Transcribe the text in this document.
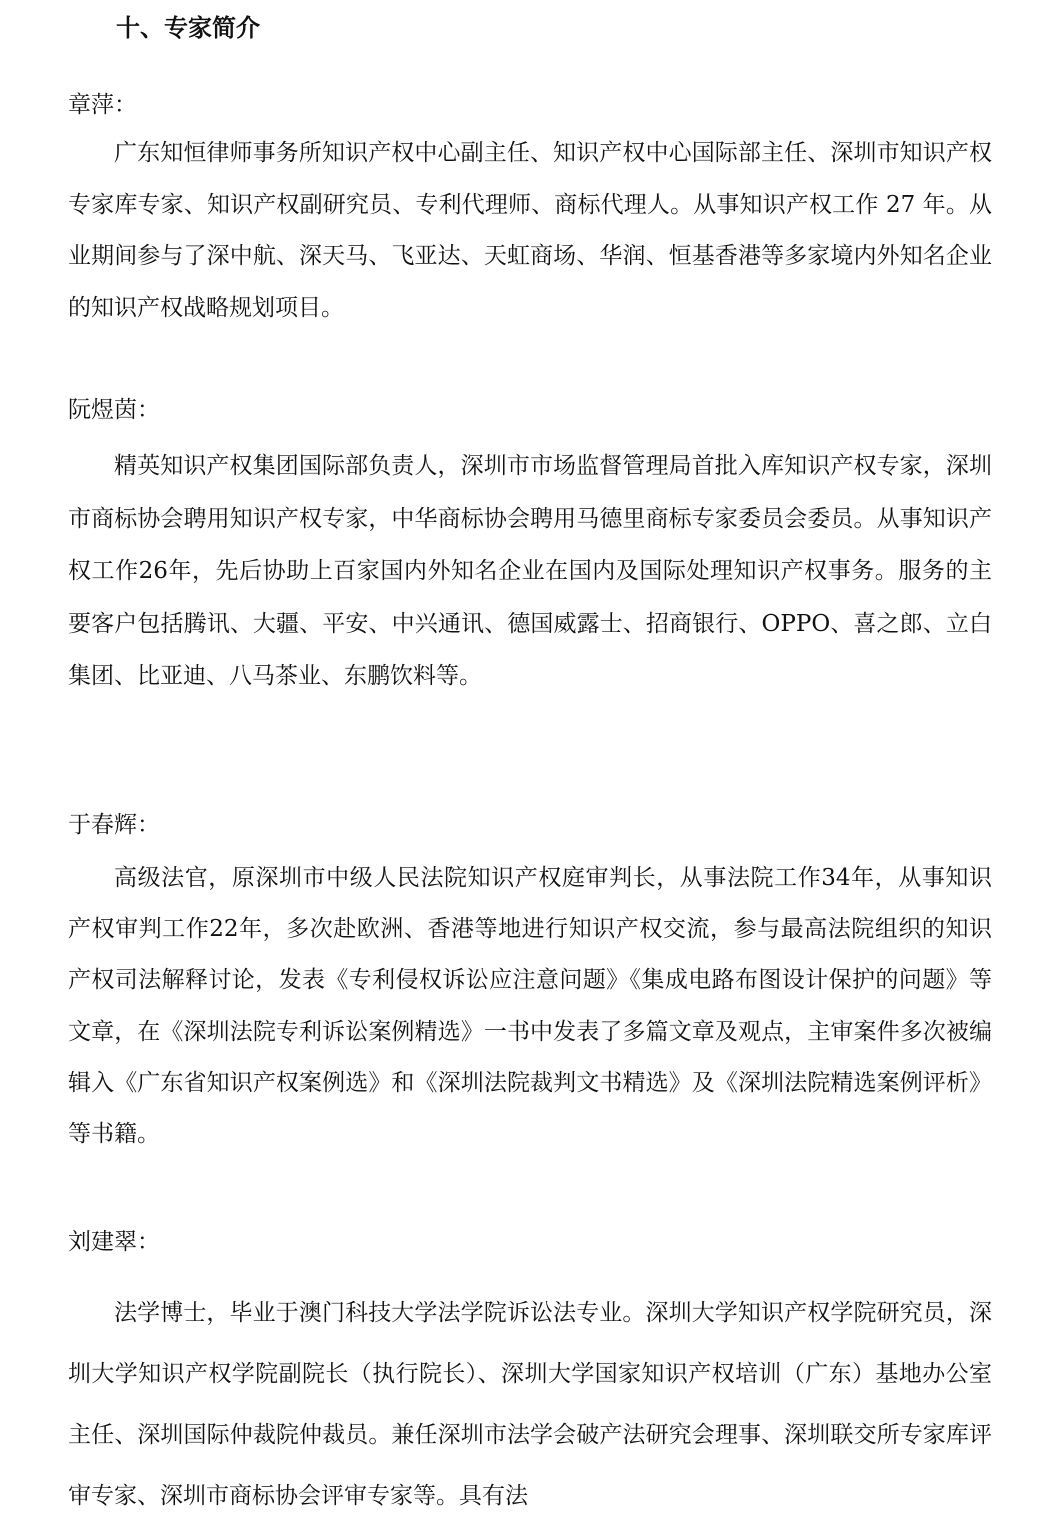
十、专家简介

章萍：

广东知恒律师事务所知识产权中心副主任、知识产权中心国际部主任、深圳市知识产权专家库专家、知识产权副研究员、专利代理师、商标代理人。从事知识产权工作 27 年。从业期间参与了深中航、深天马、飞亚达、天虹商场、华润、恒基香港等多家境内外知名企业的知识产权战略规划项目。

阮煜茵：

精英知识产权集团国际部负责人，深圳市市场监督管理局首批入库知识产权专家，深圳市商标协会聘用知识产权专家，中华商标协会聘用马德里商标专家委员会委员。从事知识产权工作26年，先后协助上百家国内外知名企业在国内及国际处理知识产权事务。服务的主要客户包括腾讯、大疆、平安、中兴通讯、德国威露士、招商银行、OPPO、喜之郎、立白集团、比亚迪、八马茶业、东鹏饮料等。

于春辉：

高级法官，原深圳市中级人民法院知识产权庭审判长，从事法院工作34年，从事知识产权审判工作22年，多次赴欧洲、香港等地进行知识产权交流，参与最高法院组织的知识产权司法解释讨论，发表《专利侵权诉讼应注意问题》《集成电路布图设计保护的问题》等文章，在《深圳法院专利诉讼案例精选》一书中发表了多篇文章及观点，主审案件多次被编辑入《广东省知识产权案例选》和《深圳法院裁判文书精选》及《深圳法院精选案例评析》等书籍。

刘建翠：

法学博士，毕业于澳门科技大学法学院诉讼法专业。深圳大学知识产权学院研究员，深圳大学知识产权学院副院长（执行院长）、深圳大学国家知识产权培训（广东）基地办公室主任、深圳国际仲裁院仲裁员。兼任深圳市法学会破产法研究会理事、深圳联交所专家库评审专家、深圳市商标协会评审专家等。具有法
